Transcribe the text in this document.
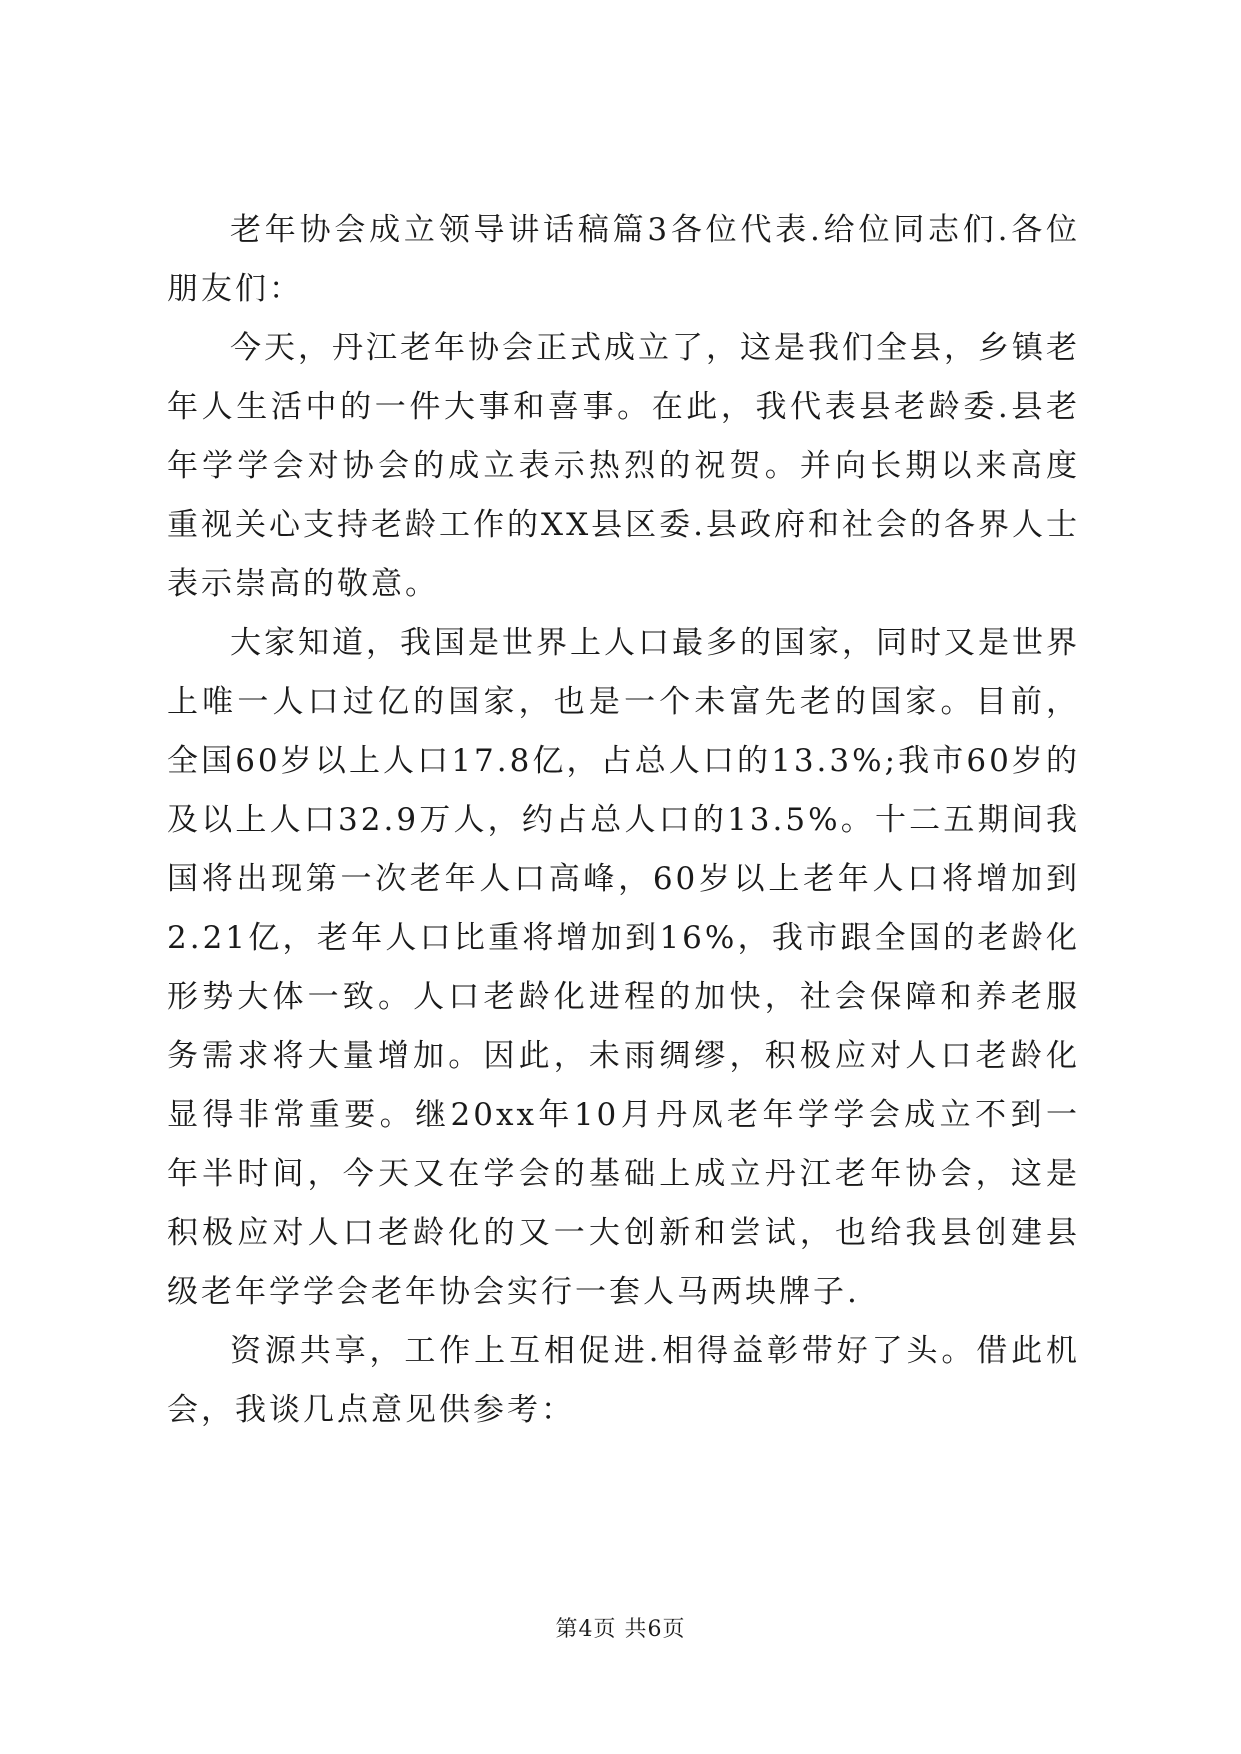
老年协会成立领导讲话稿篇3各位代表.给位同志们.各位朋友们：

今天，丹江老年协会正式成立了，这是我们全县，乡镇老年人生活中的一件大事和喜事。在此，我代表县老龄委.县老年学学会对协会的成立表示热烈的祝贺。并向长期以来高度重视关心支持老龄工作的XX县区委.县政府和社会的各界人士表示崇高的敬意。

大家知道，我国是世界上人口最多的国家，同时又是世界上唯一人口过亿的国家，也是一个未富先老的国家。目前，全国60岁以上人口17.8亿，占总人口的13.3%;我市60岁的及以上人口32.9万人，约占总人口的13.5%。十二五期间我国将出现第一次老年人口高峰，60岁以上老年人口将增加到2.21亿，老年人口比重将增加到16%，我市跟全国的老龄化形势大体一致。人口老龄化进程的加快，社会保障和养老服务需求将大量增加。因此，未雨绸缪，积极应对人口老龄化显得非常重要。继20xx年10月丹凤老年学学会成立不到一年半时间，今天又在学会的基础上成立丹江老年协会，这是积极应对人口老龄化的又一大创新和尝试，也给我县创建县级老年学学会老年协会实行一套人马两块牌子.

资源共享，工作上互相促进.相得益彰带好了头。借此机会，我谈几点意见供参考：

第4页 共6页
